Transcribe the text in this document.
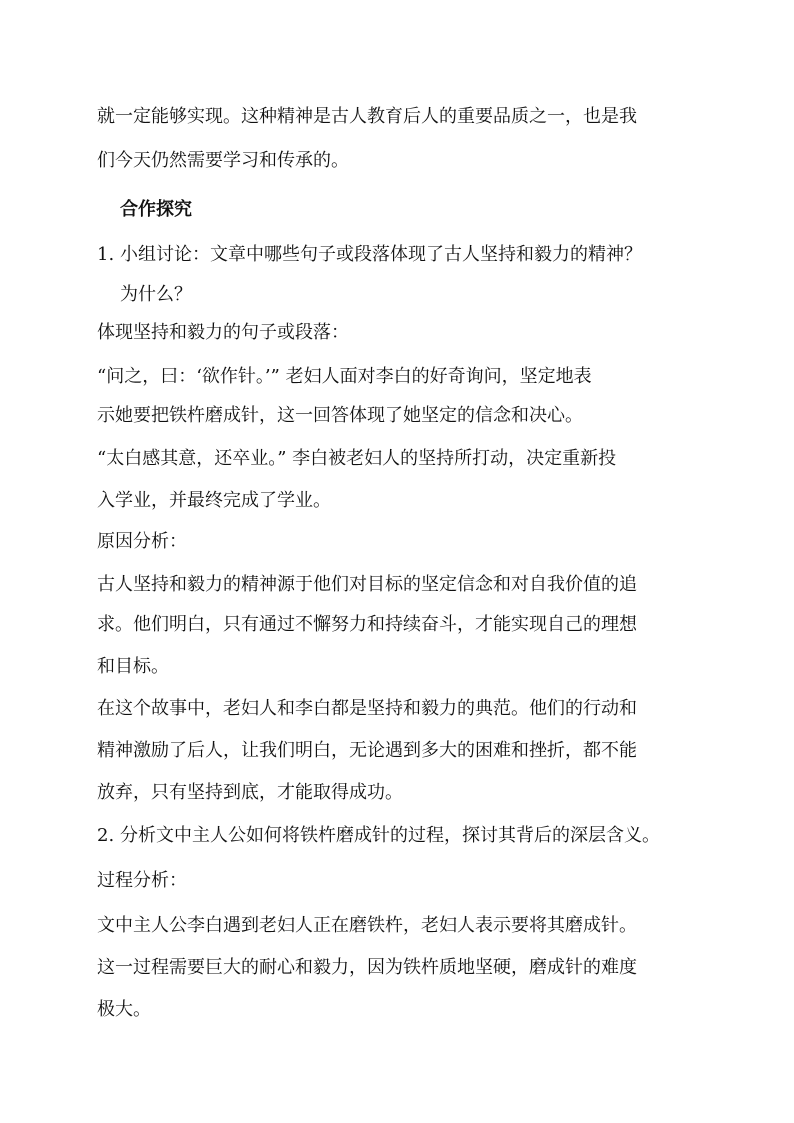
就一定能够实现。这种精神是古人教育后人的重要品质之一，也是我
们今天仍然需要学习和传承的。
合作探究
1. 小组讨论：文章中哪些句子或段落体现了古人坚持和毅力的精神？
为什么？
体现坚持和毅力的句子或段落：
“问之，曰：‘欲作针。’” 老妇人面对李白的好奇询问，坚定地表
示她要把铁杵磨成针，这一回答体现了她坚定的信念和决心。
“太白感其意，还卒业。” 李白被老妇人的坚持所打动，决定重新投
入学业，并最终完成了学业。
原因分析：
古人坚持和毅力的精神源于他们对目标的坚定信念和对自我价值的追
求。他们明白，只有通过不懈努力和持续奋斗，才能实现自己的理想
和目标。
在这个故事中，老妇人和李白都是坚持和毅力的典范。他们的行动和
精神激励了后人，让我们明白，无论遇到多大的困难和挫折，都不能
放弃，只有坚持到底，才能取得成功。
2. 分析文中主人公如何将铁杵磨成针的过程，探讨其背后的深层含义。
过程分析：
文中主人公李白遇到老妇人正在磨铁杵，老妇人表示要将其磨成针。
这一过程需要巨大的耐心和毅力，因为铁杵质地坚硬，磨成针的难度
极大。
